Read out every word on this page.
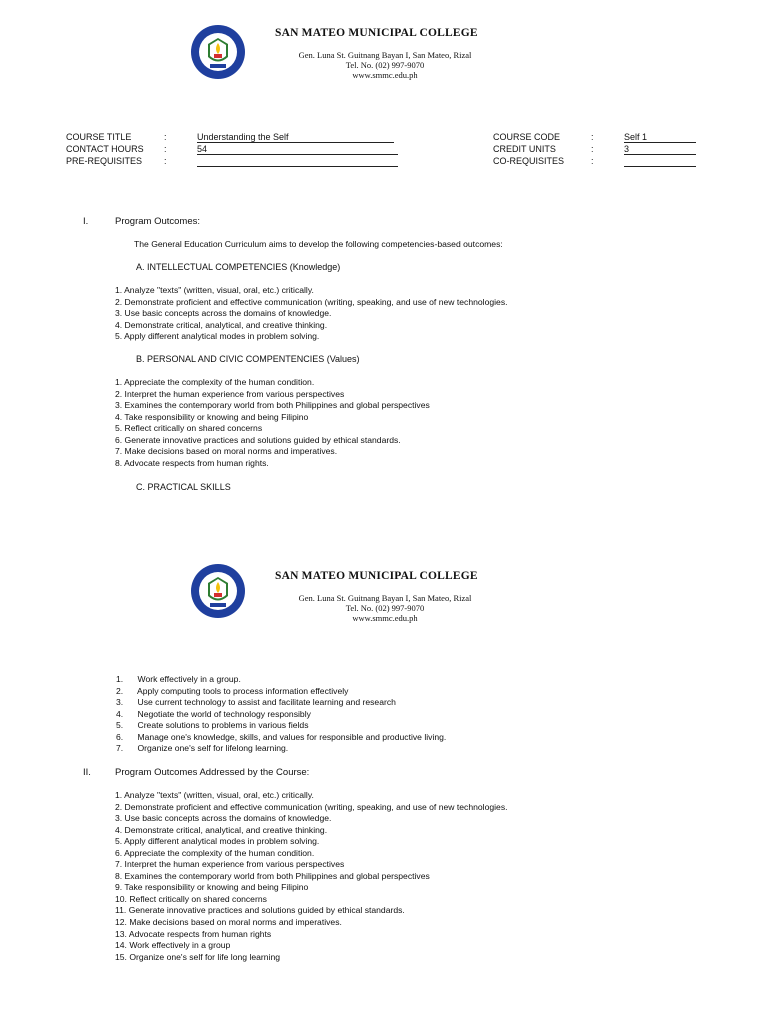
SAN MATEO MUNICIPAL COLLEGE
Gen. Luna St. Guitnang Bayan I, San Mateo, Rizal
Tel. No. (02) 997-9070
www.smmc.edu.ph
COURSE TITLE	:	Understanding the Self
CONTACT HOURS :	54
PRE-REQUISITES :
COURSE CODE	:	Self 1
CREDIT UNITS	:	3
CO-REQUISITES	:
I.	Program Outcomes:
The General Education Curriculum aims to develop the following competencies-based outcomes:
A. INTELLECTUAL COMPETENCIES (Knowledge)
1. Analyze "texts" (written, visual, oral, etc.) critically.
2. Demonstrate proficient and effective communication (writing, speaking, and use of new technologies.
3. Use basic concepts across the domains of knowledge.
4. Demonstrate critical, analytical, and creative thinking.
5. Apply different analytical modes in problem solving.
B. PERSONAL AND CIVIC COMPENTENCIES (Values)
1. Appreciate the complexity of the human condition.
2. Interpret the human experience from various perspectives
3. Examines the contemporary world from both Philippines and global perspectives
4. Take responsibility or knowing and being Filipino
5. Reflect critically on shared concerns
6. Generate innovative practices and solutions guided by ethical standards.
7. Make decisions based on moral norms and imperatives.
8. Advocate respects from human rights.
C. PRACTICAL SKILLS
SAN MATEO MUNICIPAL COLLEGE
Gen. Luna St. Guitnang Bayan I, San Mateo, Rizal
Tel. No. (02) 997-9070
www.smmc.edu.ph
1.      Work effectively in a group.
2.      Apply computing tools to process information effectively
3.      Use current technology to assist and facilitate learning and research
4.      Negotiate the world of technology responsibly
5.      Create solutions to problems in various fields
6.      Manage one's knowledge, skills, and values for responsible and productive living.
7.      Organize one's self for lifelong learning.
II.	Program Outcomes Addressed by the Course:
1. Analyze "texts" (written, visual, oral, etc.) critically.
2. Demonstrate proficient and effective communication (writing, speaking, and use of new technologies.
3. Use basic concepts across the domains of knowledge.
4. Demonstrate critical, analytical, and creative thinking.
5. Apply different analytical modes in problem solving.
6. Appreciate the complexity of the human condition.
7. Interpret the human experience from various perspectives
8. Examines the contemporary world from both Philippines and global perspectives
9. Take responsibility or knowing and being Filipino
10. Reflect critically on shared concerns
11. Generate innovative practices and solutions guided by ethical standards.
12. Make decisions based on moral norms and imperatives.
13. Advocate respects from human rights
14. Work effectively in a group
15. Organize one's self for life long learning
